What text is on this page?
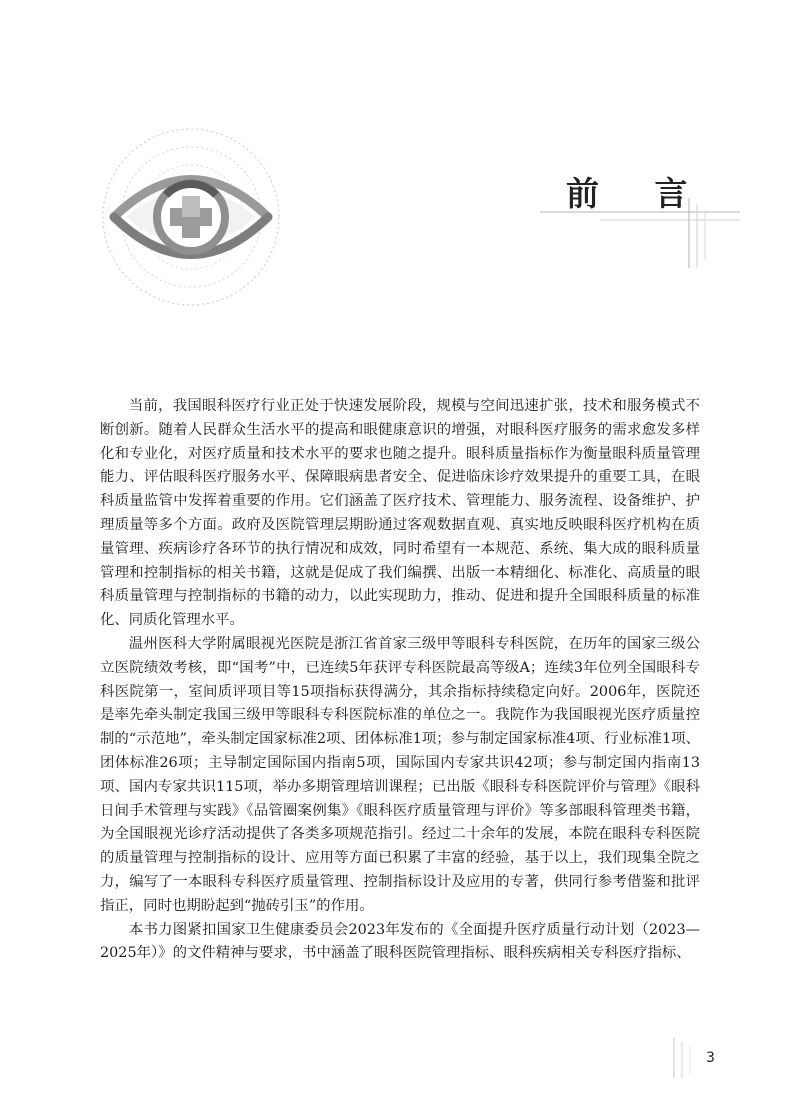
前 言

当前，我国眼科医疗行业正处于快速发展阶段，规模与空间迅速扩张，技术和服务模式不断创新。随着人民群众生活水平的提高和眼健康意识的增强，对眼科医疗服务的需求愈发多样化和专业化，对医疗质量和技术水平的要求也随之提升。眼科质量指标作为衡量眼科质量管理能力、评估眼科医疗服务水平、保障眼病患者安全、促进临床诊疗效果提升的重要工具，在眼科质量监管中发挥着重要的作用。它们涵盖了医疗技术、管理能力、服务流程、设备维护、护理质量等多个方面。政府及医院管理层期盼通过客观数据直观、真实地反映眼科医疗机构在质量管理、疾病诊疗各环节的执行情况和成效，同时希望有一本规范、系统、集大成的眼科质量管理和控制指标的相关书籍，这就是促成了我们编撰、出版一本精细化、标准化、高质量的眼科质量管理与控制指标的书籍的动力，以此实现助力，推动、促进和提升全国眼科质量的标准化、同质化管理水平。

温州医科大学附属眼视光医院是浙江省首家三级甲等眼科专科医院，在历年的国家三级公立医院绩效考核，即“国考”中，已连续5年获评专科医院最高等级A；连续3年位列全国眼科专科医院第一，室间质评项目等15项指标获得满分，其余指标持续稳定向好。2006年，医院还是率先牵头制定我国三级甲等眼科专科医院标准的单位之一。我院作为我国眼视光医疗质量控制的“示范地”，牵头制定国家标准2项、团体标准1项；参与制定国家标准4项、行业标准1项、团体标准26项；主导制定国际国内指南5项，国际国内专家共识42项；参与制定国内指南13项、国内专家共识115项，举办多期管理培训课程；已出版《眼科专科医院评价与管理》《眼科日间手术管理与实践》《品管圈案例集》《眼科医疗质量管理与评价》等多部眼科管理类书籍，为全国眼视光诊疗活动提供了各类多项规范指引。经过二十余年的发展，本院在眼科专科医院的质量管理与控制指标的设计、应用等方面已积累了丰富的经验，基于以上，我们现集全院之力，编写了一本眼科专科医疗质量管理、控制指标设计及应用的专著，供同行参考借鉴和批评指正，同时也期盼起到“抛砖引玉”的作用。

本书力图紧扣国家卫生健康委员会2023年发布的《全面提升医疗质量行动计划（2023—2025年）》的文件精神与要求，书中涵盖了眼科医院管理指标、眼科疾病相关专科医疗指标、

3
